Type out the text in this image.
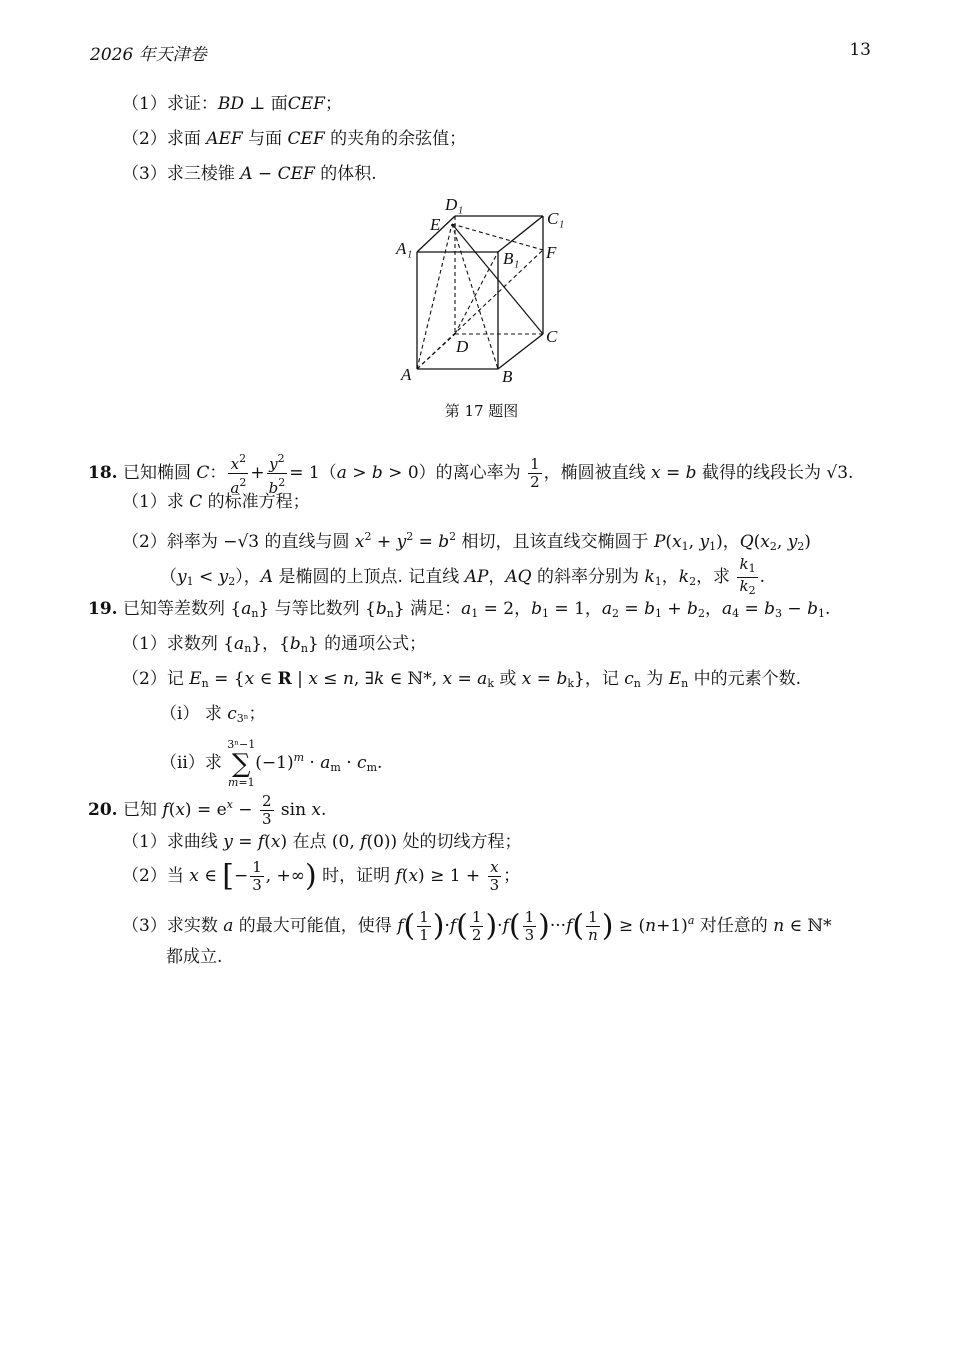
2026 年天津卷	13
（1）求证：BD ⊥ 面CEF；
（2）求面 AEF 与面 CEF 的夹角的余弦值；
（3）求三棱锥 A − CEF 的体积.
D₁
C₁
E
A₁
B₁ F
D
C
A	B
第 17 题图
18. 已知椭圆 C： $\frac{x^2}{a^2} + \frac{y^2}{b^2} = 1(a > b > 0)$的离心率为 $\frac{1}{2}$ ，椭圆被直线 x = b 截得的线段长为 √3.
（1）求 C 的标准方程；
（2）斜率为 −√3 的直线与圆 $x^2 + y^2 = b^2$ 相切，且该直线交椭圆于 $P(x_1$, $y_1$)，$Q(x_2$, $y_2$)
$(y_1 < y_2)$，A 是椭圆的上顶点. 记直线 AP，AQ 的斜率分别为 $k_1$，$k_2$，求 $\frac{k_1}{k_2}$ .
19. 已知等差数列 $\{a_n\}$ 与等比数列 $\{b_n\}$ 满足：$a_1 = 2$，$b_1 = 1$，$a_2 = b_1 + b_2$，$a_4 = b_3 - b_1$.
（1）求数列 $\{a_n\}$，$\{b_n\}$ 的通项公式；
（2）记 $E_n = \{x$ ∈ R | x ≤ n, ∃k ∈ ℕ*, $x = a_k$ 或 $x = b_k$}，记 $c_n$ 为 $E_n$ 中的元素个数.
（i） 求 $c_{3^n}$；
（ii）求 3ⁿ−1
∑
$m=1(-1)^m \cdot a_m \cdot c_m$.
20. 已知 $f(x) = e^x - \frac{2}{3}$ sin x.
（1）求曲线 y = f(x) 在点 (0, f(0)) 处的切线方程；
（2）当 x ∈ [− $\frac{1}{3}$ , +∞) 时，证明 $f(x) \ge 1 + \frac{x}{3}$ ；
（3）求实数 a 的最大可能值，使得 $f( \frac{1}{1} )\cdot f( \frac{1}{2} )\cdot f( \frac{1}{3} )\cdot\cdot\cdot f( \frac{1}{n}$ ) ≥ $(n+1)^a$ 对任意的 n ∈ ℕ*
都成立.
